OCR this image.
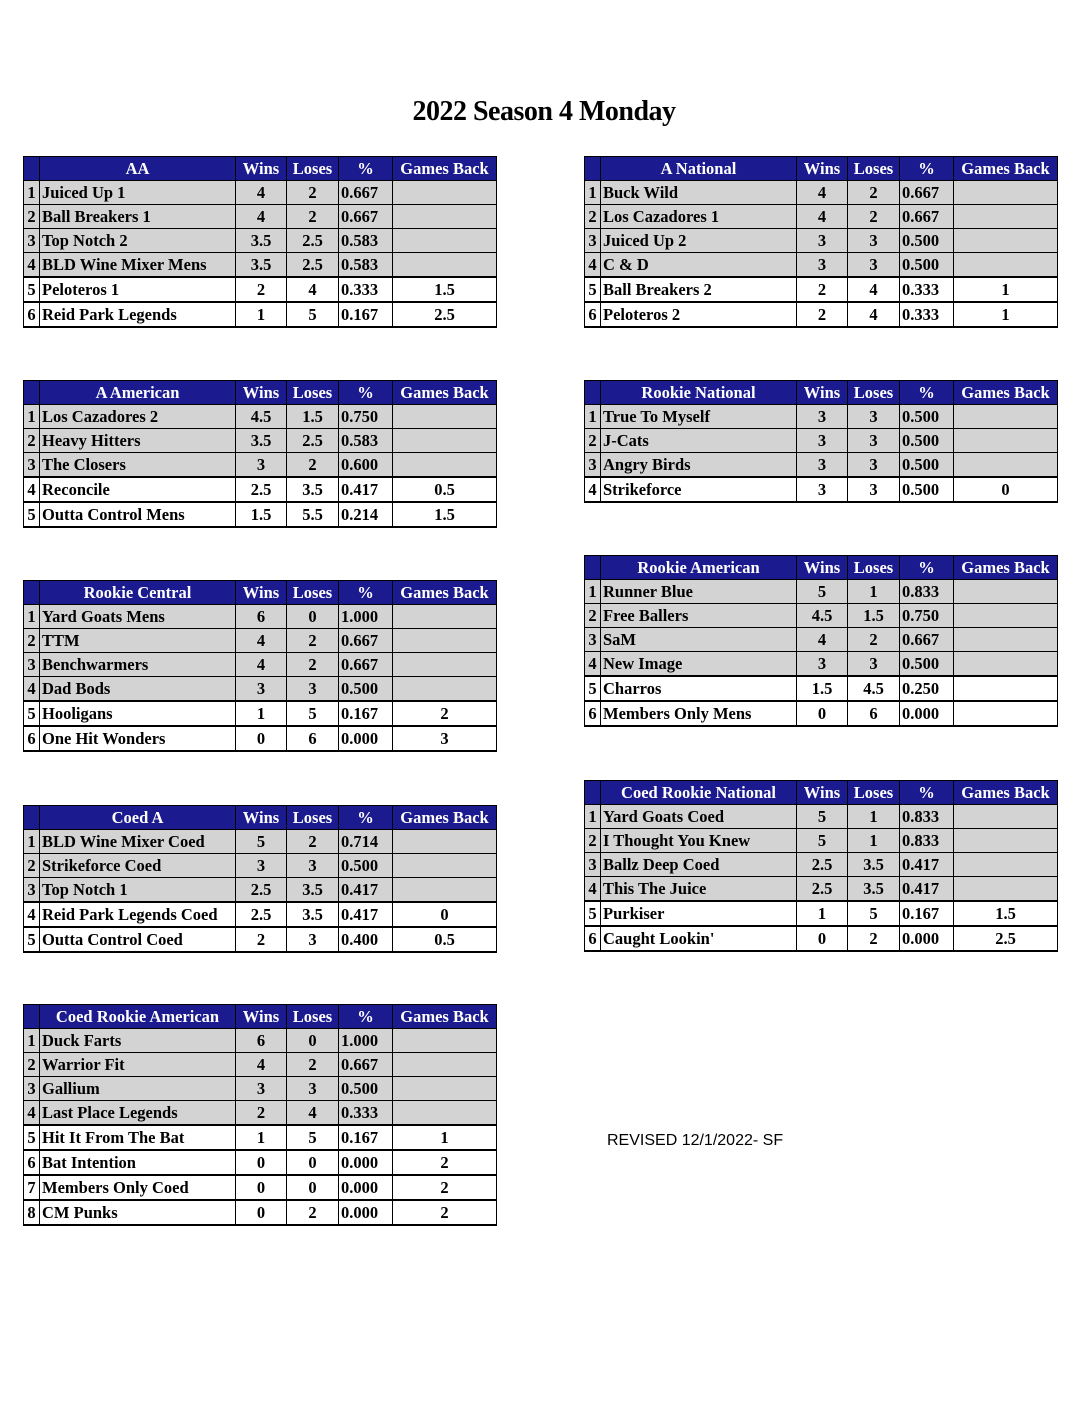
2022 Season 4 Monday
	AA	Wins	Loses	%	Games Back
1	Juiced Up 1	4	2	0.667	
2	Ball Breakers 1	4	2	0.667	
3	Top Notch 2	3.5	2.5	0.583	
4	BLD Wine Mixer Mens	3.5	2.5	0.583	
5	Peloteros 1	2	4	0.333	1.5
6	Reid Park Legends	1	5	0.167	2.5
	A American	Wins	Loses	%	Games Back
1	Los Cazadores 2	4.5	1.5	0.750	
2	Heavy Hitters	3.5	2.5	0.583	
3	The Closers	3	2	0.600	
4	Reconcile	2.5	3.5	0.417	0.5
5	Outta Control Mens	1.5	5.5	0.214	1.5
	Rookie Central	Wins	Loses	%	Games Back
1	Yard Goats Mens	6	0	1.000	
2	TTM	4	2	0.667	
3	Benchwarmers	4	2	0.667	
4	Dad Bods	3	3	0.500	
5	Hooligans	1	5	0.167	2
6	One Hit Wonders	0	6	0.000	3
	Coed A	Wins	Loses	%	Games Back
1	BLD Wine Mixer Coed	5	2	0.714	
2	Strikeforce Coed	3	3	0.500	
3	Top Notch 1	2.5	3.5	0.417	
4	Reid Park Legends Coed	2.5	3.5	0.417	0
5	Outta Control Coed	2	3	0.400	0.5
	Coed Rookie American	Wins	Loses	%	Games Back
1	Duck Farts	6	0	1.000	
2	Warrior Fit	4	2	0.667	
3	Gallium	3	3	0.500	
4	Last Place Legends	2	4	0.333	
5	Hit It From The Bat	1	5	0.167	1
6	Bat Intention	0	0	0.000	2
7	Members Only Coed	0	0	0.000	2
8	CM Punks	0	2	0.000	2
	A National	Wins	Loses	%	Games Back
1	Buck Wild	4	2	0.667	
2	Los Cazadores 1	4	2	0.667	
3	Juiced Up 2	3	3	0.500	
4	C & D	3	3	0.500	
5	Ball Breakers 2	2	4	0.333	1
6	Peloteros 2	2	4	0.333	1
	Rookie National	Wins	Loses	%	Games Back
1	True To Myself	3	3	0.500	
2	J-Cats	3	3	0.500	
3	Angry Birds	3	3	0.500	
4	Strikeforce	3	3	0.500	0
	Rookie American	Wins	Loses	%	Games Back
1	Runner Blue	5	1	0.833	
2	Free Ballers	4.5	1.5	0.750	
3	SaM	4	2	0.667	
4	New Image	3	3	0.500	
5	Charros	1.5	4.5	0.250	
6	Members Only Mens	0	6	0.000	
	Coed Rookie National	Wins	Loses	%	Games Back
1	Yard Goats Coed	5	1	0.833	
2	I Thought You Knew	5	1	0.833	
3	Ballz Deep Coed	2.5	3.5	0.417	
4	This The Juice	2.5	3.5	0.417	
5	Purkiser	1	5	0.167	1.5
6	Caught Lookin'	0	2	0.000	2.5
REVISED 12/1/2022- SF
